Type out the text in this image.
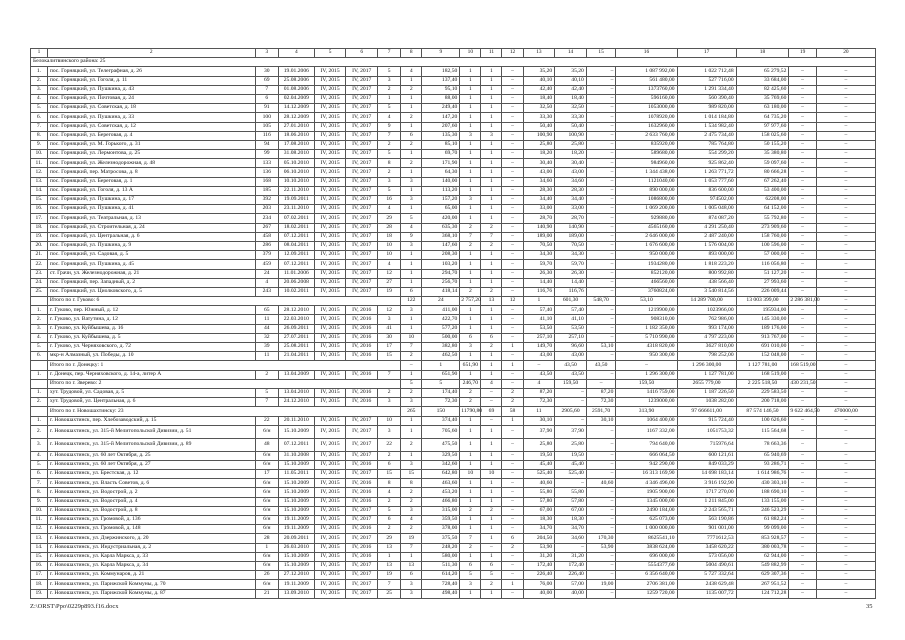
1	2	3	4	5	6	7	8	9	10	11	12	13	14	15	16	17	18	19	20
Белокалитвинского района: 25																			
1.	пос. Горняцкий, ул. Телеграфная, д. 26	30	19.01.2006	IV, 2015	IV, 2017	5	4	182,50	1	1	–	35,20	35,20	–	1 087 992,00	1 022 712,48	65 279,52	–	–
2.	пос. Горняцкий, ул. Гоголя, д. 11	69	25.08.2006	IV, 2015	IV, 2017	3	1	137,40	1	1	–	40,10	40,10	–	561 480,00	527 716,00	33 684,00	–	–
3.	пос. Горняцкий, ул. Пушкина, д. 43	7	01.08.2006	IV, 2015	IV, 2017	2	2	95,10	1	1	–	42,40	42,40	–	1373760,00	1 291 334,40	82 425,60	–	–
4.	пос. Горняцкий, ул. Почтовая, д. 24	6	02.04.2009	IV, 2015	IV, 2017	1	1	88,00	1	1	–	18,40	18,40	–	596160,00	560 390,40	35 769,60	–	–
5.	пос. Горняцкий, ул. Советская, д. 18	91	14.12.2009	IV, 2015	IV, 2017	5	1	249,40	1	1	–	32,50	32,50	–	1053000,00	989 820,00	63 180,00	–	–
6.	пос. Горняцкий, ул. Пушкина, д. 33	100	28.12.2009	IV, 2015	IV, 2017	4	2	147,20	1	1	–	33,30	33,30	–	1078920,00	1 014 184,80	64 735,20	–	–
7.	пос. Горняцкий, ул. Советская, д. 12	105	27.01.2010	IV, 2015	IV, 2017	9	1	207,60	1	1	–	50,40	50,40	–	1632960,00	1 534 982,40	97 977,60	–	–
8.	пос. Горняцкий, ул. Береговая, д. 4	116	18.06.2010	IV, 2015	IV, 2017	7	6	135,30	3	3	–	100,90	100,90	–	2 633 760,00	2 475 734,40	158 025,60	–	–
9.	пос. Горняцкий, ул. М. Горького, д. 31	94	17.08.2010	IV, 2015	IV, 2017	2	2	85,10	1	1	–	25,80	25,80	–	835920,00	785 764,80	50 155,20	–	–
10.	пос. Горняцкий, ул. Лермонтова, д. 25	99	31.08.2010	IV, 2015	IV, 2017	5	1	69,70	1	1	–	18,20	18,20	–	589680,00	554 299,20	35 380,80	–	–
11.	пос. Горняцкий, ул. Железнодорожная, д. 48	133	05.10.2010	IV, 2015	IV, 2017	8	2	171,90	1	1	–	30,40	30,40	–	984960,00	925 862,40	59 097,60	–	–
12.	пос. Горняцкий, пер. Матросова, д. 8	136	06.10.2010	IV, 2015	IV, 2017	2	1	64,30	1	1	–	43,00	43,00	–	1 344 438,00	1 263 771,72	80 666,28	–	–
13.	пос. Горняцкий, ул. Береговая, д. 1	168	10.10.2010	IV, 2015	IV, 2017	3	3	140,00	1	1	–	34,60	34,60	–	1121040,00	1 053 777,60	67 262,40	–	–
14.	пос. Горняцкий, ул. Гоголя, д. 13 А	185	22.11.2010	IV, 2015	IV, 2017	5	1	113,20	1	1	–	28,30	28,30	–	890 000,00	836 600,00	53 400,00	–	–
15.	пос. Горняцкий, ул. Пушкина, д. 17	392	19.09.2011	IV, 2015	IV, 2017	16	3	157,20	3	1	–	34,40	34,40	–	1086800,00	974502,00	62208,00	–	–
16.	пос. Горняцкий, ул. Пушкина, д. 41	203	23.11.2010	IV, 2015	IV, 2017	4	1	65,00	1	1	–	33,00	33,00	–	1 069 200,00	1 005 048,00	64 152,00	–	–
17.	пос. Горняцкий, ул. Театральная, д. 13	234	07.02.2011	IV, 2015	IV, 2017	29	5	420,00	1	1	–	28,70	28,70	–	929880,00	874 087,20	55 792,80	–	–
18.	пос. Горняцкий, ул. Строительная, д. 24	267	18.02.2011	IV, 2015	IV, 2017	28	4	635,30	2	2	–	140,90	140,90	–	4565160,00	4 291 250,40	273 909,60	–	–
19.	пос. Горняцкий, ул. Центральная, д. 6	458	07.12.2011	IV, 2015	IV, 2017	18	9	368,10	7	7	–	189,00	189,00	–	2 646 000,00	2 487 240,00	158 760,00	–	–
20.	пос. Горняцкий, ул. Пушкина, д. 9	286	08.04.2011	IV, 2015	IV, 2017	10	3	147,60	2	2	–	70,50	70,50	–	1 676 600,00	1 576 004,00	100 596,00	–	–
21.	пос. Горняцкий, ул. Садовая, д. 5	379	12.09.2011	IV, 2015	IV, 2017	10	1	208,30	1	1	–	34,30	34,30	–	950 000,00	893 000,00	57 000,00	–	–
22.	пос. Горняцкий, ул. Пушкина, д. 45	459	07.12.2011	IV, 2015	IV, 2017	4	1	103,20	1	1	–	59,70	59,70	–	1934280,00	1 818 223,20	116 056,80	–	–
23.	ст. Грачи, ул. Железнодорожная, д. 21	24	11.01.2006	IV, 2015	IV, 2017	12	1	294,70	1	1	–	26,30	26,30	–	852120,00	800 992,80	51 127,20	–	–
24.	пос. Горняцкий, пер. Западный, д. 2	4	20.06.2008	IV, 2015	IV, 2017	27	1	256,70	1	1	–	14,40	14,40	–	466560,00	438 566,40	27 993,60	–	–
25.	пос. Горняцкий, ул. Циолковского, д. 5	243	10.02.2011	IV, 2015	IV, 2017	19	6	418,14	2	2	–	116,76	116,76	–	3760824,00	3 540 814,56	226 009,44	–	–
	Итого по г. Гуково: 6						122	24	2 757,20	13	12	1	601,30	548,70	53,10	14 289 780,00	13 003 399,00	2 286 381,00	–
1.	г. Гуково, пер. Южный, д. 12	65	28.12.2010	IV, 2015	IV, 2016	12	3	411,00	1	1	–	57,40	57,40	–	1219900,00	1023966,00	195934,00	–	–
2.	г. Гуково, ул. Ватутина, д. 12	11	22.03.2010	IV, 2015	IV, 2016	3	1	422,70	1	1	–	41,10	41,10	–	908310,00	762 986,00	145 330,00	–	–
3.	г. Гуково, ул. Куйбышева, д. 16	44	26.09.2011	IV, 2015	IV, 2016	41	1	577,20	1	1	–	53,50	53,50	–	1 182 350,00	993 174,00	189 176,00	–	–
4.	г. Гуково, ул. Куйбышева, д. 5	32	27.07.2011	IV, 2015	IV, 2016	30	10	500,00	6	6	–	257,10	257,10	–	5 710 990,00	4 797 223,00	913 767,00	–	–
5.	г. Гуково, ул. Черняховского, д. 72	39	25.08.2011	IV, 2015	IV, 2016	17	7	382,80	3	2	1	149,70	96,60	53,10	4318 820,00	3627 810,00	691 010,00	–	–
6.	мкр-н Алмазный, ул. Победы, д. 10	11	21.04.2011	IV, 2015	IV, 2016	15	2	462,50	1	1	–	43,00	43,00	–	950 300,00	798 252,00	152 048,00	–	–
	Итого по г. Донецку: 1						–	1	651,90	1	1	–	43,50	43,50	–	1 296 300,00	1 127 781,00	168 519,00	–
1.	г. Донецк, пер. Черняховского, д. 14-а, литер А	2	13.04.2009	IV, 2015	IV, 2016	7	1	651,90	1	1	–	43,50	43,50	–	1 296 300,00	1 127 781,00	168 519,00	–	–
	Итого по г. Зверево: 2						5	5	246,70	4	–	4	159,50	–	159,50	2655 779,00	2 225 518,50	430 231,50	–
1.	хут. Трудовой, ул. Садовая, д. 5	5	13.04.2010	IV, 2015	IV, 2016	2	2	174,40	2	–	2	87,20	–	87,20	1416 759,00	1 187 226,50	229 583,50	–	–
2.	хут. Трудовой, ул. Центральная, д. 6	7	24.12.2010	IV, 2015	IV, 2016	3	3	72,30	2	–	2	72,30	–	72,30	1239000,00	1038 282,00	200 718,00	–	–
	Итого по г. Новошахтинску: 23						265	150	11790,80	69	58	11	2905,60	2591,70	313,90	97 666611,00	87 574 146,50	9 622 464,50	470000,00
1.	г. Новошахтинск, пер. Хлебозаводский, д. 15	22	20.11.2010	IV, 2015	IV, 2017	10	1	374,40	1	–	1	30,10	–	30,10	1064 400,00	915 724,40	100 626,60	–	–
2.	г. Новошахтинск, ул. 315-й Мелитопольской Дивизии, д. 51	6/н	15.10.2009	IV, 2015	IV, 2017	3	1	705,60	1	1	–	37,90	37,90	–	1167 332,00	1051753,32	115 564,68	–	–
3.	г. Новошахтинск, ул. 315-й Мелитопольской Дивизии, д. 89	48	07.12.2011	IV, 2015	IV, 2017	22	2	475,50	1	1	–	25,80	25,80	–	794 640,00	715976,64	78 663,36	–	–
4.	г. Новошахтинск, ул. 60 лет Октября, д. 25	6/н	31.10.2008	IV, 2015	IV, 2017	2	1	329,50	1	1	–	19,50	19,50	–	666 064,50	600 121,61	65 940,69	–	–
5.	г. Новошахтинск, ул. 60 лет Октября, д. 27	6/н	15.10.2009	IV, 2015	IV, 2016	6	3	342,60	1	1	–	45,40	45,40	–	942 290,00	849 033,29	93 286,71	–	–
6.	г. Новошахтинск, ул. Брестская, д. 12	17	11.05.2011	IV, 2015	IV, 2017	15	15	642,80	10	10	–	525,40	525,40	–	16 313 169,90	14 698 183,14	1 614 986,76	–	–
7.	г. Новошахтинск, ул. Власть Советов, д. 6	6/н	15.10.2009	IV, 2015	IV, 2016	8	8	463,60	1	1	–	40,60	–	40,60	4 346 496,00	3 916 192,90	430 303,10	–	–
8.	г. Новошахтинск, ул. Водострой, д. 2	6/н	15.10.2009	IV, 2015	IV, 2016	4	2	453,20	1	1	–	55,80	55,80	–	1905 900,00	1717 270,00	188 690,10	–	–
9.	г. Новошахтинск, ул. Водострой, д. 4	6/н	15.10.2009	IV, 2015	IV, 2016	2	2	466,80	1	1	–	57,80	57,80	–	1345 000,00	1 211 845,00	133 155,00	–	–
10.	г. Новошахтинск, ул. Водострой, д. 8	6/н	15.10.2009	IV, 2015	IV, 2017	5	3	315,00	2	2	–	67,00	67,00	–	2490 184,00	2 243 565,71	246 523,29	–	–
11.	г. Новошахтинск, ул. Громовой, д. 136	6/н	19.11.2009	IV, 2015	IV, 2017	6	4	359,50	1	1	–	18,30	18,30	–	625 073,00	563 190,86	61 882,24	–	–
12.	г. Новошахтинск, ул. Громовой, д. 148	6/н	19.11.2009	IV, 2015	IV, 2016	2	2	378,00	1	1	–	34,70	34,70	–	1 000 000,00	901 001,00	99 099,00	–	–
13.	г. Новошахтинск, ул. Дзержинского, д. 20	28	20.09.2011	IV, 2015	IV, 2017	29	19	375,50	7	1	6	204,50	34,60	170,30	8625541,10	7771612,53	853 928,57	–	–
14.	г. Новошахтинск, ул. Индустриальная, д. 2	1	26.03.2010	IV, 2015	IV, 2016	13	7	248,20	2	–	2	53,90	–	53,90	3838 624,00	3458 620,22	380 003,78	–	–
15.	г. Новошахтинск, ул. Карла Маркса, д. 33	6/н	15.10.2009	IV, 2015	IV, 2016	1	1	580,00	1	1	–	31,20	31,20	–	696 000,00	573 056,00	62 944,00	–	–
16.	г. Новошахтинск, ул. Карла Маркса, д. 34	6/н	15.10.2009	IV, 2015	IV, 2017	13	13	511,30	6	6	–	172,40	172,40	–	5554377,60	5004 490,61	549 882,99	–	–
17.	г. Новошахтинск, ул. Коммунаров, д. 21	26	27.12.2010	IV, 2015	IV, 2017	19	6	614,20	5	5	–	226,40	226,40	–	6 356 640,00	5 727 332,64	629 307,36	–	–
18.	г. Новошахтинск, ул. Парижской Коммуны, д. 70	6/н	19.11.2009	IV, 2015	IV, 2017	7	3	728,40	3	2	1	76,00	57,00	19,00	2706 381,00	2438 629,48	267 951,52	–	–
19.	г. Новошахтинск, ул. Парижской Коммуны, д. 87	21	13.09.2010	IV, 2015	IV, 2017	25	3	498,40	1	1	–	40,00	40,00	–	1259 720,00	1135 007,72	124 712,28	–	–
Z:\ORST\Ppo\0229p893.f16.docx	35
